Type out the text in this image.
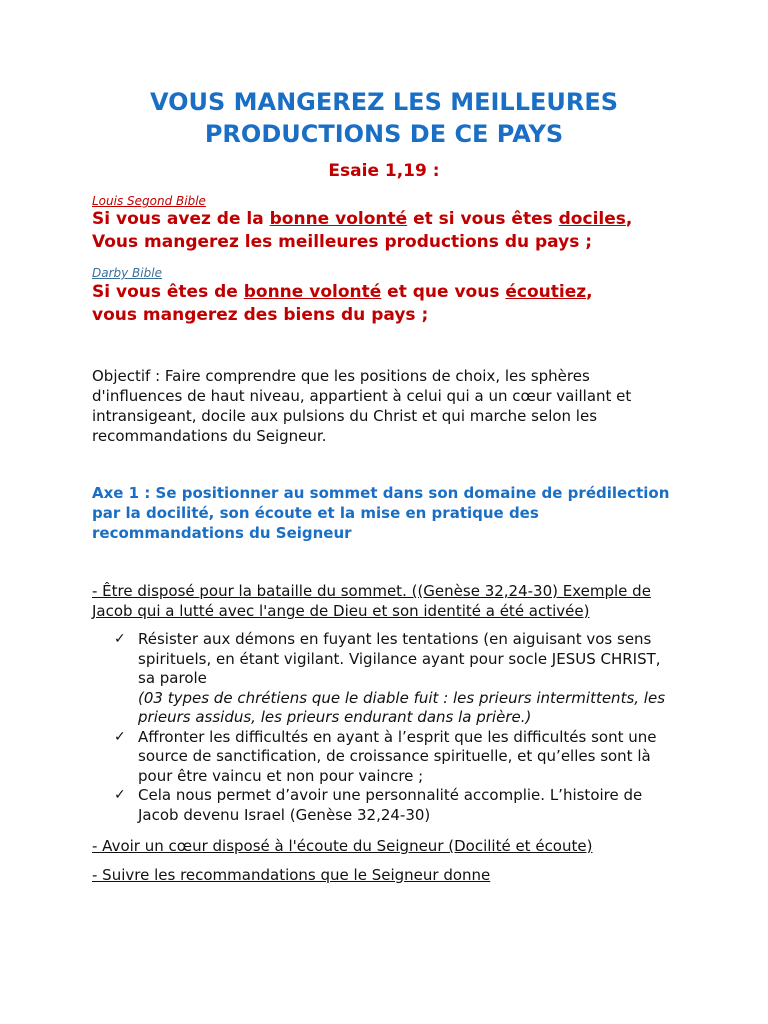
VOUS MANGEREZ LES MEILLEURES
PRODUCTIONS DE CE PAYS
Esaie 1,19 :
Louis Segond Bible
Si vous avez de la bonne volonté et si vous êtes dociles,
Vous mangerez les meilleures productions du pays ;
Darby Bible
Si vous êtes de bonne volonté et que vous écoutiez,
vous mangerez des biens du pays ;
Objectif : Faire comprendre que les positions de choix, les sphères d'influences de haut niveau, appartient à celui qui a un cœur vaillant et intransigeant, docile aux pulsions du Christ et qui marche selon les recommandations du Seigneur.
Axe 1 : Se positionner au sommet dans son domaine de prédilection par la docilité, son écoute et la mise en pratique des recommandations du Seigneur
- Être disposé pour la bataille du sommet. ((Genèse 32,24-30) Exemple de Jacob qui a lutté avec l'ange de Dieu et son identité a été activée)
✓ Résister aux démons en fuyant les tentations (en aiguisant vos sens spirituels, en étant vigilant. Vigilance ayant pour socle JESUS CHRIST, sa parole
(03 types de chrétiens que le diable fuit : les prieurs intermittents, les prieurs assidus, les prieurs endurant dans la prière.)
✓ Affronter les difficultés en ayant à l’esprit que les difficultés sont une source de sanctification, de croissance spirituelle, et qu’elles sont là pour être vaincu et non pour vaincre ;
✓ Cela nous permet d’avoir une personnalité accomplie. L’histoire de Jacob devenu Israel (Genèse 32,24-30)
- Avoir un cœur disposé à l'écoute du Seigneur (Docilité et écoute)
- Suivre les recommandations que le Seigneur donne
